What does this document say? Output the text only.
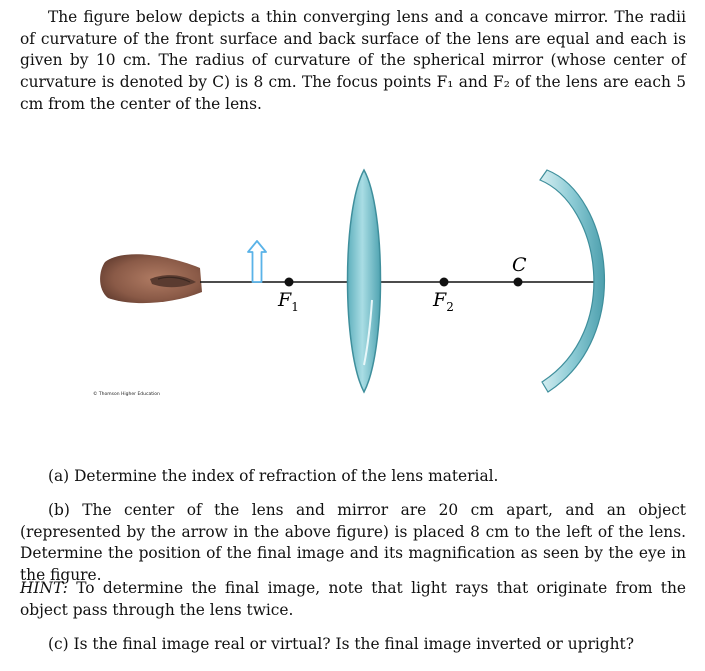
The figure below depicts a thin converging lens and a concave mirror. The radii of curvature of the front surface and back surface of the lens are equal and each is given by 10 cm. The radius of curvature of the spherical mirror (whose center of curvature is denoted by C) is 8 cm. The focus points F₁ and F₂ of the lens are each 5 cm from the center of the lens.

$F_1$	$F_2$
C
© Thomson Higher Education

(a) Determine the index of refraction of the lens material.

(b) The center of the lens and mirror are 20 cm apart, and an object (represented by the arrow in the above figure) is placed 8 cm to the left of the lens. Determine the position of the final image and its magnification as seen by the eye in the figure.

HINT: To determine the final image, note that light rays that originate from the object pass through the lens twice.

(c) Is the final image real or virtual? Is the final image inverted or upright?
